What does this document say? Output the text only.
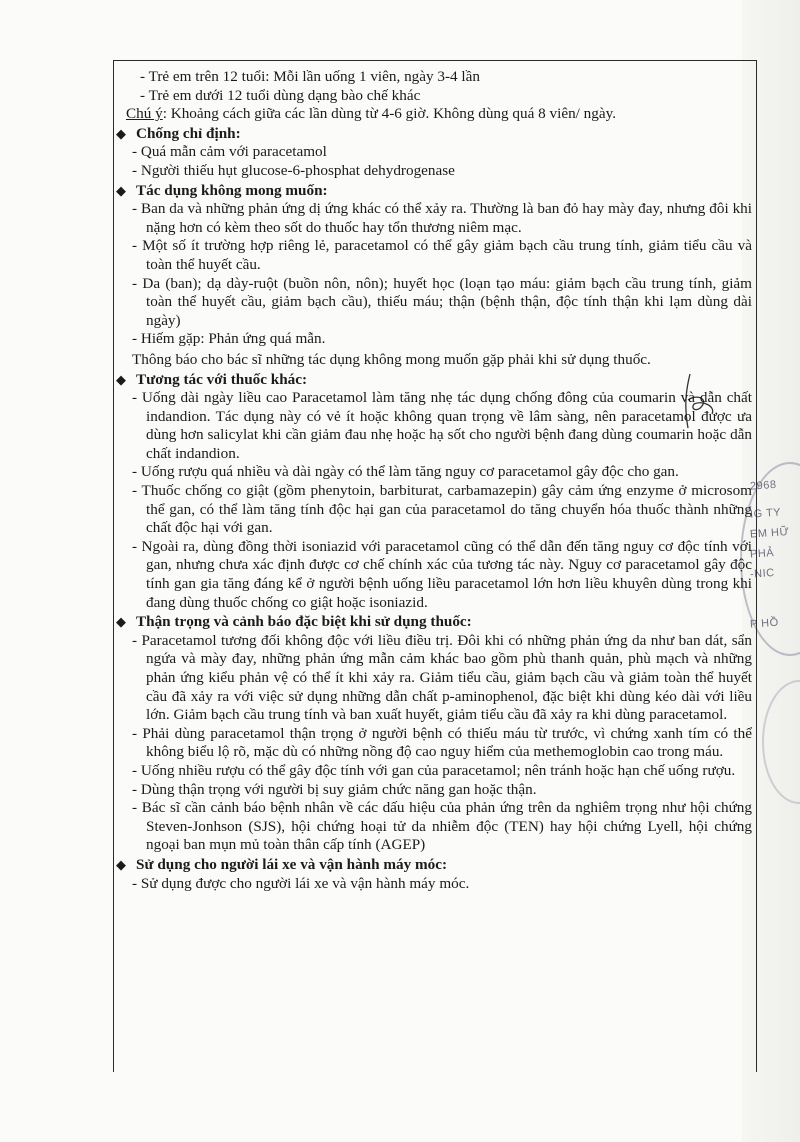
2968
IG TY
EM HỮ
PHẢ
-NIC
P HỒ

- Trẻ em trên 12 tuổi: Mỗi lần uống 1 viên, ngày 3-4 lần

- Trẻ em dưới 12 tuổi dùng dạng bào chế khác

Chú ý: Khoảng cách giữa các lần dùng từ 4-6 giờ. Không dùng quá 8 viên/ ngày.

◆ Chống chỉ định:

- Quá mẫn cảm với paracetamol

- Người thiếu hụt glucose-6-phosphat dehydrogenase

◆ Tác dụng không mong muốn:

- Ban da và những phản ứng dị ứng khác có thể xảy ra. Thường là ban đỏ hay mày đay, nhưng đôi khi nặng hơn có kèm theo sốt do thuốc hay tổn thương niêm mạc.

- Một số ít trường hợp riêng lẻ, paracetamol có thể gây giảm bạch cầu trung tính, giảm tiểu cầu và toàn thể huyết cầu.

- Da (ban); dạ dày-ruột (buồn nôn, nôn); huyết học (loạn tạo máu: giảm bạch cầu trung tính, giảm toàn thể huyết cầu, giảm bạch cầu), thiếu máu; thận (bệnh thận, độc tính thận khi lạm dùng dài ngày)

- Hiếm gặp: Phản ứng quá mẫn.

Thông báo cho bác sĩ những tác dụng không mong muốn gặp phải khi sử dụng thuốc.

◆ Tương tác với thuốc khác:

- Uống dài ngày liều cao Paracetamol làm tăng nhẹ tác dụng chống đông của coumarin và dẫn chất indandion. Tác dụng này có vẻ ít hoặc không quan trọng về lâm sàng, nên paracetamol được ưa dùng hơn salicylat khi cần giảm đau nhẹ hoặc hạ sốt cho người bệnh đang dùng coumarin hoặc dẫn chất indandion.

- Uống rượu quá nhiều và dài ngày có thể làm tăng nguy cơ paracetamol gây độc cho gan.

- Thuốc chống co giật (gồm phenytoin, barbiturat, carbamazepin) gây cảm ứng enzyme ở microsom thể gan, có thể làm tăng tính độc hại gan của paracetamol do tăng chuyển hóa thuốc thành những chất độc hại với gan.

- Ngoài ra, dùng đồng thời isoniazid với paracetamol cũng có thể dẫn đến tăng nguy cơ độc tính với gan, nhưng chưa xác định được cơ chế chính xác của tương tác này. Nguy cơ paracetamol gây độc tính gan gia tăng đáng kể ở người bệnh uống liều paracetamol lớn hơn liều khuyên dùng trong khi đang dùng thuốc chống co giật hoặc isoniazid.

◆ Thận trọng và cảnh báo đặc biệt khi sử dụng thuốc:

- Paracetamol tương đối không độc với liều điều trị. Đôi khi có những phản ứng da như ban dát, sẩn ngứa và mày đay, những phản ứng mẫn cảm khác bao gồm phù thanh quản, phù mạch và những phản ứng kiểu phản vệ có thể ít khi xảy ra. Giảm tiểu cầu, giảm bạch cầu và giảm toàn thể huyết cầu đã xảy ra với việc sử dụng những dẫn chất p-aminophenol, đặc biệt khi dùng kéo dài với liều lớn. Giảm bạch cầu trung tính và ban xuất huyết, giảm tiểu cầu đã xảy ra khi dùng paracetamol.

- Phải dùng paracetamol thận trọng ở người bệnh có thiếu máu từ trước, vì chứng xanh tím có thể không biểu lộ rõ, mặc dù có những nồng độ cao nguy hiểm của methemoglobin cao trong máu.

- Uống nhiều rượu có thể gây độc tính với gan của paracetamol; nên tránh hoặc hạn chế uống rượu.

- Dùng thận trọng với người bị suy giảm chức năng gan hoặc thận.

- Bác sĩ cần cảnh báo bệnh nhân về các dấu hiệu của phản ứng trên da nghiêm trọng như hội chứng Steven-Jonhson (SJS), hội chứng hoại tử da nhiễm độc (TEN) hay hội chứng Lyell, hội chứng ngoại ban mụn mủ toàn thân cấp tính (AGEP)

◆ Sử dụng cho người lái xe và vận hành máy móc:

- Sử dụng được cho người lái xe và vận hành máy móc.
